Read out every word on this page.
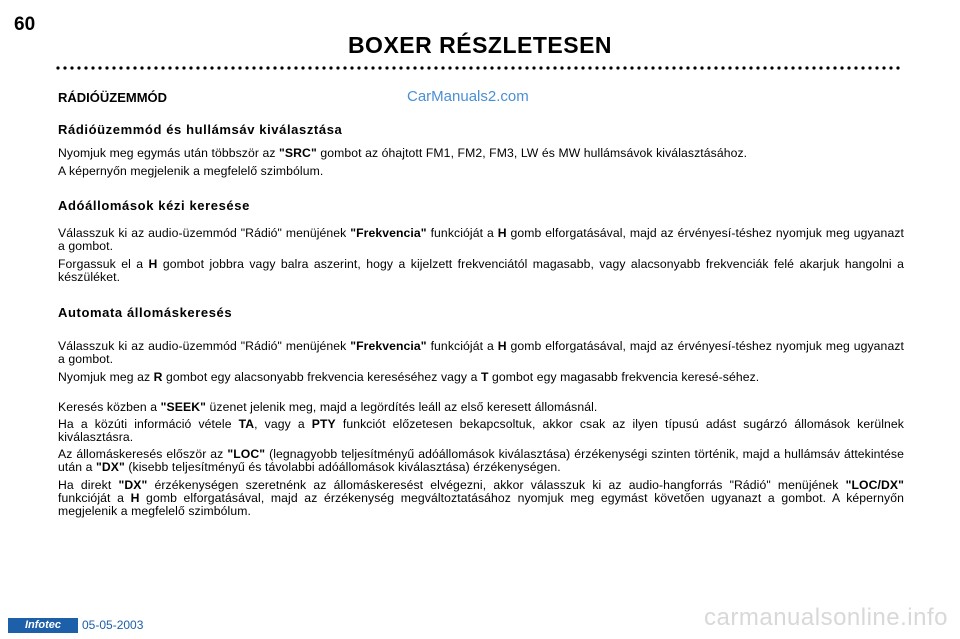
60
BOXER RÉSZLETESEN
CarManuals2.com
RÁDIÓÜZEMMÓD
Rádióüzemmód és hullámsáv kiválasztása
Nyomjuk meg egymás után többször az "SRC" gombot az óhajtott FM1, FM2, FM3, LW és MW hullámsávok kiválasztásához.
A képernyőn megjelenik a megfelelő szimbólum.
Adóállomások kézi keresése
Válasszuk ki az audio-üzemmód "Rádió" menüjének "Frekvencia" funkcióját a H gomb elforgatásával, majd az érvényesí-téshez nyomjuk meg ugyanazt a gombot.
Forgassuk el a H gombot jobbra vagy balra aszerint, hogy a kijelzett frekvenciától magasabb, vagy alacsonyabb frekvenciák felé akarjuk hangolni a készüléket.
Automata állomáskeresés
Válasszuk ki az audio-üzemmód "Rádió" menüjének "Frekvencia" funkcióját a H gomb elforgatásával, majd az érvényesí-téshez nyomjuk meg ugyanazt a gombot.
Nyomjuk meg az R gombot egy alacsonyabb frekvencia kereséséhez vagy a T gombot egy magasabb frekvencia keresé-séhez.
Keresés közben a "SEEK" üzenet jelenik meg, majd a legördítés leáll az első keresett állomásnál.
Ha a közúti információ vétele TA, vagy a PTY funkciót előzetesen bekapcsoltuk, akkor csak az ilyen típusú adást sugárzó állomások kerülnek kiválasztásra.
Az állomáskeresés először az "LOC" (legnagyobb teljesítményű adóállomások kiválasztása) érzékenységi szinten történik, majd a hullámsáv áttekintése után a "DX" (kisebb teljesítményű és távolabbi adóállomások kiválasztása) érzékenységen.
Ha direkt "DX" érzékenységen szeretnénk az állomáskeresést elvégezni, akkor válasszuk ki az audio-hangforrás "Rádió" menüjének "LOC/DX" funkcióját a H gomb elforgatásával, majd az érzékenység megváltoztatásához nyomjuk meg egymást követően ugyanazt a gombot. A képernyőn megjelenik a megfelelő szimbólum.
Infotec	05-05-2003	carmanualsonline.info
